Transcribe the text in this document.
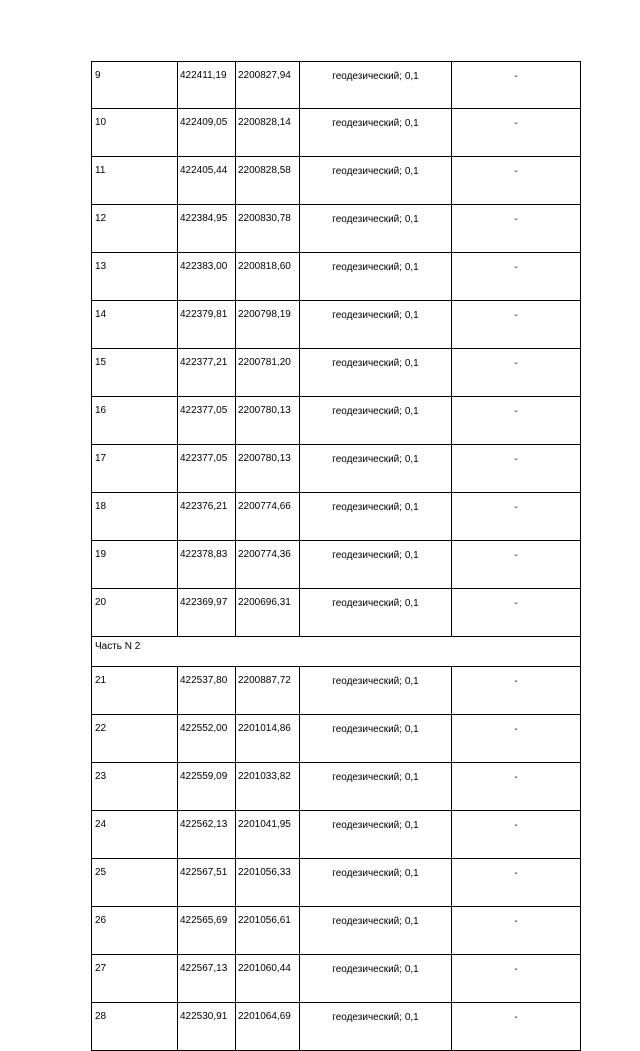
9	422411,19	2200827,94	геодезический; 0,1	-
10	422409,05	2200828,14	геодезический; 0,1	-
11	422405,44	2200828,58	геодезический; 0,1	-
12	422384,95	2200830,78	геодезический; 0,1	-
13	422383,00	2200818,60	геодезический; 0,1	-
14	422379,81	2200798,19	геодезический; 0,1	-
15	422377,21	2200781,20	геодезический; 0,1	-
16	422377,05	2200780,13	геодезический; 0,1	-
17	422377,05	2200780,13	геодезический; 0,1	-
18	422376,21	2200774,66	геодезический; 0,1	-
19	422378,83	2200774,36	геодезический; 0,1	-
20	422369,97	2200696,31	геодезический; 0,1	-
Часть N 2				
21	422537,80	2200887,72	геодезический; 0,1	-
22	422552,00	2201014,86	геодезический; 0,1	-
23	422559,09	2201033,82	геодезический; 0,1	-
24	422562,13	2201041,95	геодезический; 0,1	-
25	422567,51	2201056,33	геодезический; 0,1	-
26	422565,69	2201056,61	геодезический; 0,1	-
27	422567,13	2201060,44	геодезический; 0,1	-
28	422530,91	2201064,69	геодезический; 0,1	-
